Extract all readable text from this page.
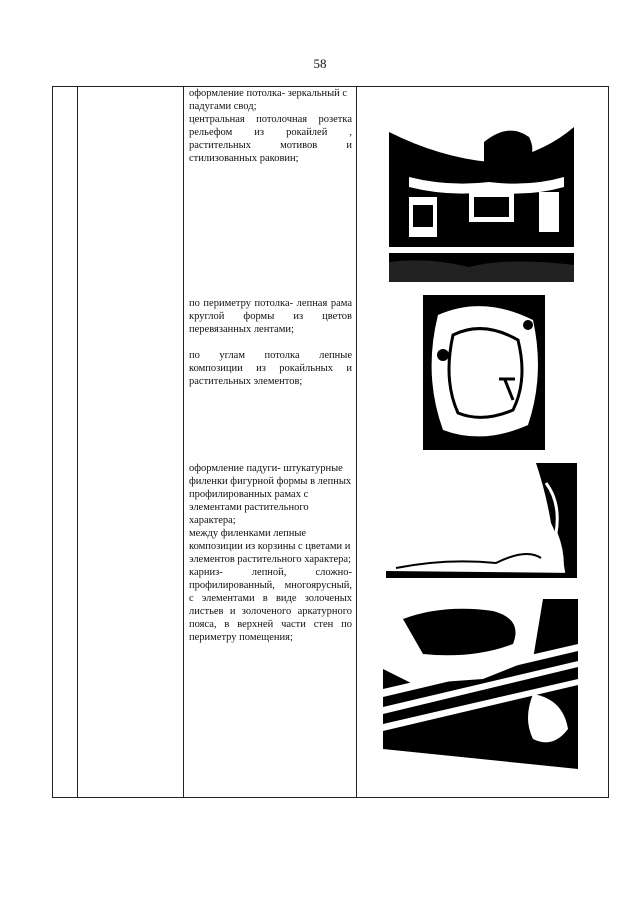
58

оформление потолка- зеркальный с падугами свод;

центральная потолочная розетка рельефом из рокайлей , растительных мотивов и стилизованных раковин;

по периметру потолка- лепная рама круглой формы из цветов перевязанных лентами;

по углам потолка лепные композиции из рокайльных и растительных элементов;

оформление падуги- штукатурные филенки фигурной формы в лепных профилированных рамах с элементами растительного характера;

между филенками лепные композиции из корзины с цветами и элементов растительного характера;

карниз- лепной, сложно-профилированный, многоярусный, с элементами в виде золоченых листьев и золоченого аркатурного пояса, в верхней части стен по периметру помещения;
